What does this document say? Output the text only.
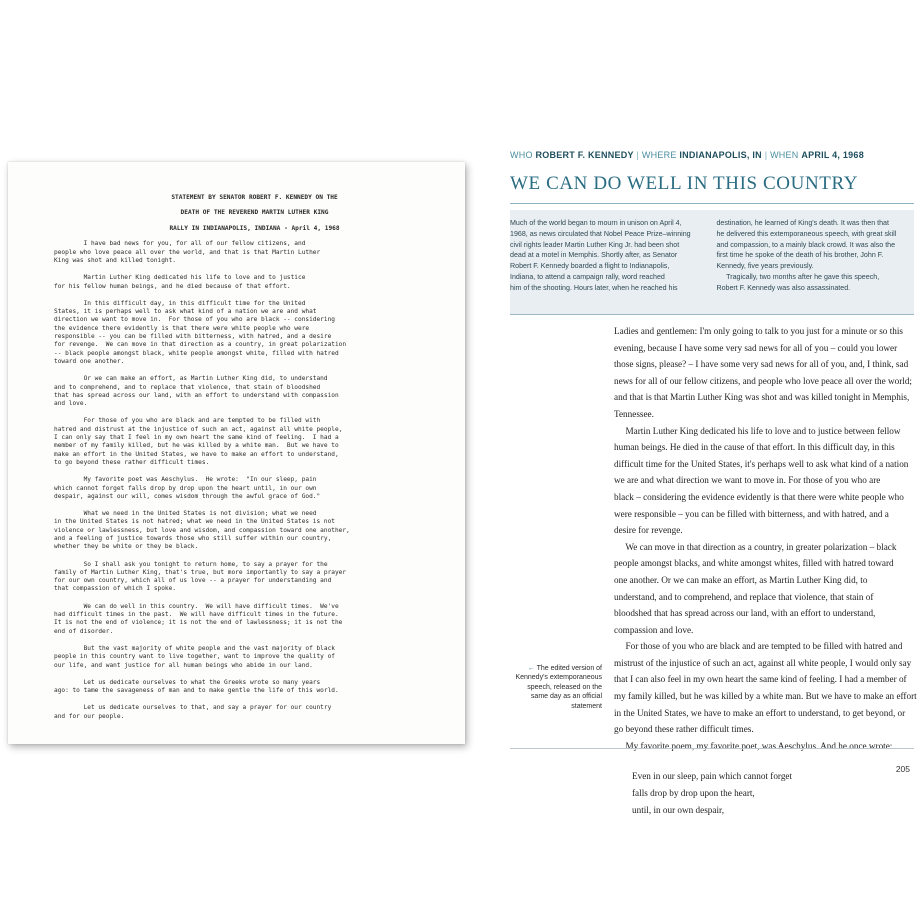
STATEMENT BY SENATOR ROBERT F. KENNEDY ON THE
DEATH OF THE REVEREND MARTIN LUTHER KING
RALLY IN INDIANAPOLIS, INDIANA - April 4, 1968
I have bad news for you, for all of our fellow citizens, and
people who love peace all over the world, and that is that Martin Luther
King was shot and killed tonight.
Martin Luther King dedicated his life to love and to justice
for his fellow human beings, and he died because of that effort.
In this difficult day, in this difficult time for the United
States, it is perhaps well to ask what kind of a nation we are and what
direction we want to move in.  For those of you who are black -- considering
the evidence there evidently is that there were white people who were
responsible -- you can be filled with bitterness, with hatred, and a desire
for revenge.  We can move in that direction as a country, in great polarization
-- black people amongst black, white people amongst white, filled with hatred
toward one another.
Or we can make an effort, as Martin Luther King did, to understand
and to comprehend, and to replace that violence, that stain of bloodshed
that has spread across our land, with an effort to understand with compassion
and love.
For those of you who are black and are tempted to be filled with
hatred and distrust at the injustice of such an act, against all white people,
I can only say that I feel in my own heart the same kind of feeling.  I had a
member of my family killed, but he was killed by a white man.  But we have to
make an effort in the United States, we have to make an effort to understand,
to go beyond these rather difficult times.
My favorite poet was Aeschylus.  He wrote:  "In our sleep, pain
which cannot forget falls drop by drop upon the heart until, in our own
despair, against our will, comes wisdom through the awful grace of God."
What we need in the United States is not division; what we need
in the United States is not hatred; what we need in the United States is not
violence or lawlessness, but love and wisdom, and compassion toward one another,
and a feeling of justice towards those who still suffer within our country,
whether they be white or they be black.
So I shall ask you tonight to return home, to say a prayer for the
family of Martin Luther King, that's true, but more importantly to say a prayer
for our own country, which all of us love -- a prayer for understanding and
that compassion of which I spoke.
We can do well in this country.  We will have difficult times.  We've
had difficult times in the past.  We will have difficult times in the future.
It is not the end of violence; it is not the end of lawlessness; it is not the
end of disorder.
But the vast majority of white people and the vast majority of black
people in this country want to live together, want to improve the quality of
our life, and want justice for all human beings who abide in our land.
Let us dedicate ourselves to what the Greeks wrote so many years
ago: to tame the savageness of man and to make gentle the life of this world.
Let us dedicate ourselves to that, and say a prayer for our country
and for our people.
WHO ROBERT F. KENNEDY | WHERE INDIANAPOLIS, IN | WHEN APRIL 4, 1968
WE CAN DO WELL IN THIS COUNTRY
Much of the world began to mourn in unison on April 4,
1968, as news circulated that Nobel Peace Prize–winning
civil rights leader Martin Luther King Jr. had been shot
dead at a motel in Memphis. Shortly after, as Senator
Robert F. Kennedy boarded a flight to Indianapolis,
Indiana, to attend a campaign rally, word reached
him of the shooting. Hours later, when he reached his
destination, he learned of King's death. It was then that
he delivered this extemporaneous speech, with great skill
and compassion, to a mainly black crowd. It was also the
first time he spoke of the death of his brother, John F.
Kennedy, five years previously.
Tragically, two months after he gave this speech,
Robert F. Kennedy was also assassinated.
← The edited version of
Kennedy's extemporaneous
speech, released on the
same day as an official
statement
Ladies and gentlemen: I'm only going to talk to you just for a minute or so this
evening, because I have some very sad news for all of you – could you lower
those signs, please? – I have some very sad news for all of you, and, I think, sad
news for all of our fellow citizens, and people who love peace all over the world;
and that is that Martin Luther King was shot and was killed tonight in Memphis,
Tennessee.
Martin Luther King dedicated his life to love and to justice between fellow
human beings. He died in the cause of that effort. In this difficult day, in this
difficult time for the United States, it's perhaps well to ask what kind of a nation
we are and what direction we want to move in. For those of you who are
black – considering the evidence evidently is that there were white people who
were responsible – you can be filled with bitterness, and with hatred, and a
desire for revenge.
We can move in that direction as a country, in greater polarization – black
people amongst blacks, and white amongst whites, filled with hatred toward
one another. Or we can make an effort, as Martin Luther King did, to
understand, and to comprehend, and replace that violence, that stain of
bloodshed that has spread across our land, with an effort to understand,
compassion and love.
For those of you who are black and are tempted to be filled with hatred and
mistrust of the injustice of such an act, against all white people, I would only say
that I can also feel in my own heart the same kind of feeling. I had a member of
my family killed, but he was killed by a white man. But we have to make an effort
in the United States, we have to make an effort to understand, to get beyond, or
go beyond these rather difficult times.
My favorite poem, my favorite poet, was Aeschylus. And he once wrote:
Even in our sleep, pain which cannot forget
falls drop by drop upon the heart,
until, in our own despair,
205
